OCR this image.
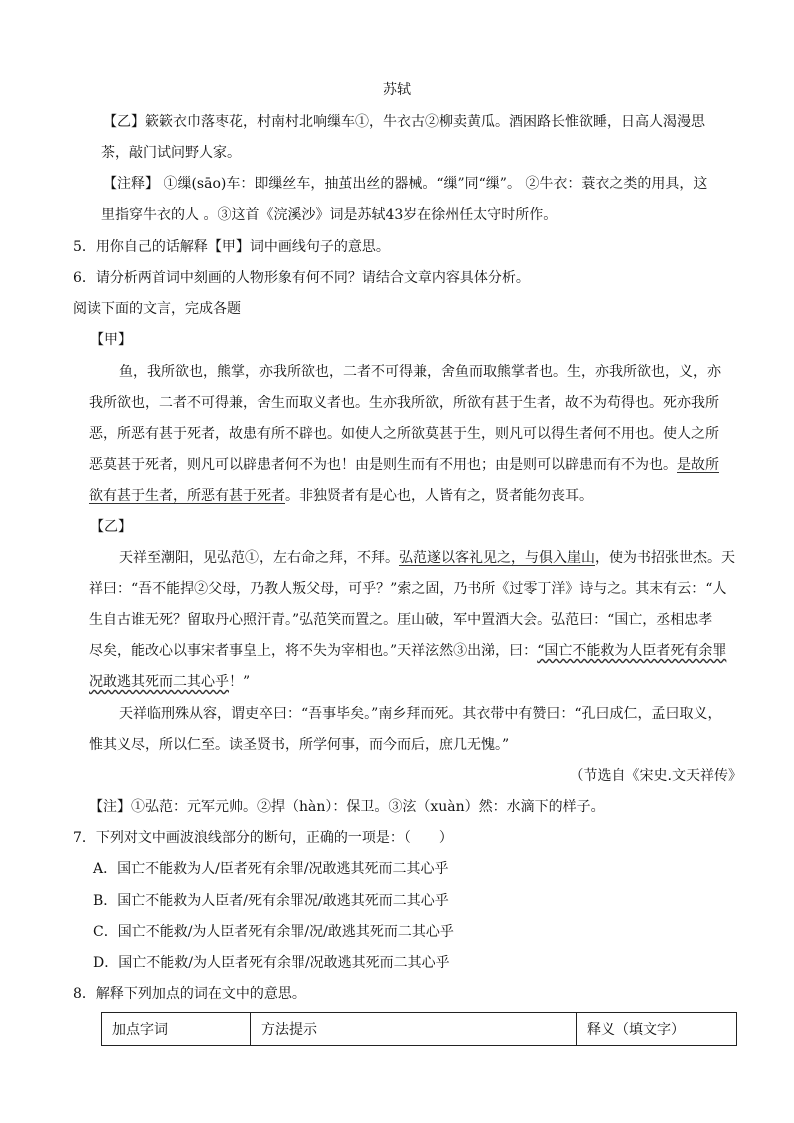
苏轼
【乙】簌簌衣巾落枣花，村南村北响缫车①，牛衣古②柳卖黄瓜。酒困路长惟欲睡，日高人渴漫思
茶，敲门试问野人家。
【注释】 ①缫(sāo)车：即缫丝车，抽茧出丝的器械。“缫”同“缫”。 ②牛衣：蓑衣之类的用具，这
里指穿牛衣的人 。③这首《浣溪沙》词是苏轼43岁在徐州任太守时所作。
5．用你自己的话解释【甲】词中画线句子的意思。
6．请分析两首词中刻画的人物形象有何不同？请结合文章内容具体分析。
阅读下面的文言，完成各题
【甲】
鱼，我所欲也，熊掌，亦我所欲也，二者不可得兼，舍鱼而取熊掌者也。生，亦我所欲也，义，亦
我所欲也，二者不可得兼，舍生而取义者也。生亦我所欲，所欲有甚于生者，故不为苟得也。死亦我所
恶，所恶有甚于死者，故患有所不辟也。如使人之所欲莫甚于生，则凡可以得生者何不用也。使人之所
恶莫甚于死者，则凡可以辟患者何不为也！由是则生而有不用也；由是则可以辟患而有不为也。是故所
欲有甚于生者，所恶有甚于死者。非独贤者有是心也，人皆有之，贤者能勿丧耳。
【乙】
天祥至潮阳，见弘范①，左右命之拜，不拜。弘范遂以客礼见之，与俱入崖山，使为书招张世杰。天
祥曰：“吾不能捍②父母，乃教人叛父母，可乎？”索之固，乃书所《过零丁洋》诗与之。其末有云：“人
生自古谁无死？留取丹心照汗青。”弘范笑而置之。厓山破，军中置酒大会。弘范曰：“国亡，丞相忠孝
尽矣，能改心以事宋者事皇上，将不失为宰相也。”天祥泫然③出涕，曰：“国亡不能救为人臣者死有余罪
况敢逃其死而二其心乎！”
天祥临刑殊从容，谓吏卒曰：“吾事毕矣。”南乡拜而死。其衣带中有赞曰：“孔曰成仁，孟曰取义，
惟其义尽，所以仁至。读圣贤书，所学何事，而今而后，庶几无愧。”
（节选自《宋史.文天祥传》
【注】①弘范：元军元帅。②捍（hàn）：保卫。③泫（xuàn）然：水滴下的样子。
7．下列对文中画波浪线部分的断句，正确的一项是：（　　）
A．国亡不能救为人/臣者死有余罪/况敢逃其死而二其心乎
B．国亡不能救为人臣者/死有余罪况/敢逃其死而二其心乎
C．国亡不能救/为人臣者死有余罪/况/敢逃其死而二其心乎
D．国亡不能救/为人臣者死有余罪/况敢逃其死而二其心乎
8．解释下列加点的词在文中的意思。
加点字词	方法提示	释义（填文字）
